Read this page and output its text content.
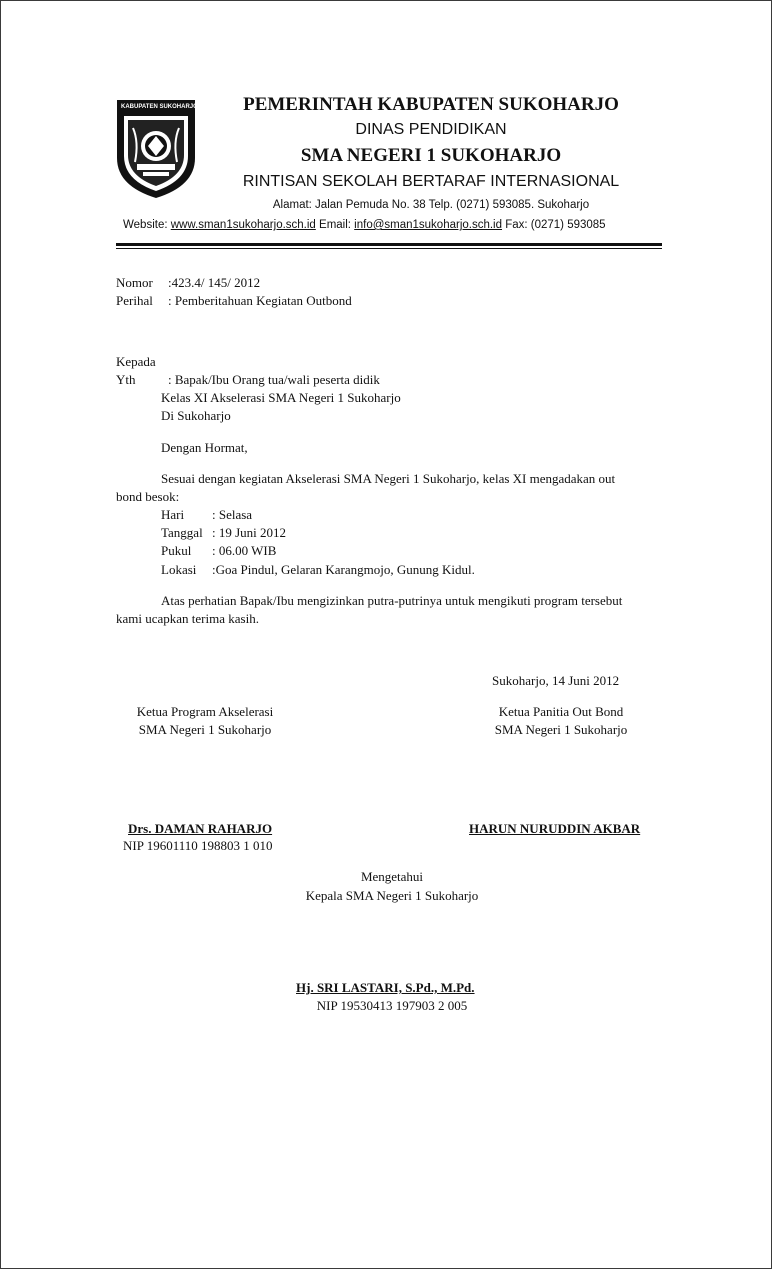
KABUPATEN SUKOHARJO	PEMERINTAH KABUPATEN SUKOHARJO
DINAS PENDIDIKAN
SMA NEGERI 1 SUKOHARJO
RINTISAN SEKOLAH BERTARAF INTERNASIONAL
Alamat: Jalan Pemuda No. 38 Telp. (0271) 593085. Sukoharjo
Website: www.sman1sukoharjo.sch.id Email: info@sman1sukoharjo.sch.id Fax: (0271) 593085
Nomor :423.4/ 145/ 2012
Perihal : Pemberitahuan Kegiatan Outbond
Kepada
Yth	: Bapak/Ibu Orang tua/wali peserta didik
Kelas XI Akselerasi SMA Negeri 1 Sukoharjo
Di Sukoharjo
Dengan Hormat,
Sesuai dengan kegiatan Akselerasi SMA Negeri 1 Sukoharjo, kelas XI mengadakan out
bond besok:
Hari : Selasa
Tanggal : 19 Juni 2012
Pukul : 06.00 WIB
Lokasi :Goa Pindul, Gelaran Karangmojo, Gunung Kidul.
Atas perhatian Bapak/Ibu mengizinkan putra-putrinya untuk mengikuti program tersebut
kami ucapkan terima kasih.
Sukoharjo, 14 Juni 2012
Ketua Program Akselerasi
SMA Negeri 1 Sukoharjo
Ketua Panitia Out Bond
SMA Negeri 1 Sukoharjo
Drs. DAMAN RAHARJO
NIP 19601110 198803 1 010
HARUN NURUDDIN AKBAR
Mengetahui
Kepala SMA Negeri 1 Sukoharjo
Hj. SRI LASTARI, S.Pd., M.Pd.
NIP 19530413 197903 2 005
